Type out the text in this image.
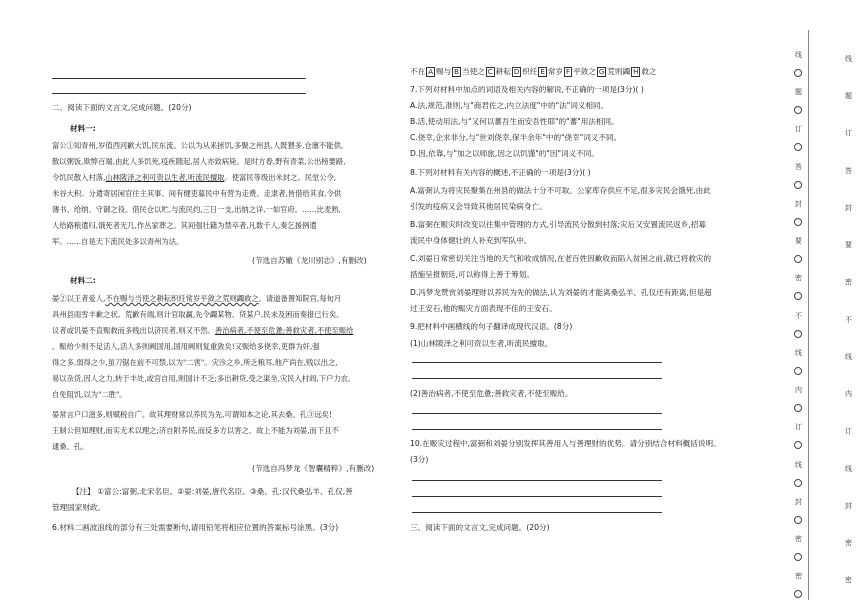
二、阅读下面的文言文,完成问题。(20分)
材料一:
富公①知青州,岁值西河歉大饥,民东流。公以为从来拯饥,多聚之州县,人既猥多,仓廪不能供,
散以粥饭,欺弊百端,由此人多饥死,疫疾随起,居人亦致病毙。是时方春,野有青菜,公出榜要路,
令饥民散入村落,山林陂泽之利可资以生者,听流民擅取。使富民等级出米封之。民堂公令,
米谷大积。分遣寄居闲官往主其事。间有健吏募民中有营为走费、走隶者,皆借给其食,令供
薄书、给纳、守御之役。借民仓以贮,与流民约,三日一支,出纳之详,一如官府。……比麦熟,
人给路粮遣归,饿死者无几,作丛家葬之。其间强壮籍为禁卒者,凡数千人,奏乞援例遣
军。……自是天下流民处多以青州为法。
(节选自苏辙《龙川别志》,有删改)
材料二:
晏②以王者爱人,不在赐与当使之耕耘织纴常岁平敛之荒则蠲救之。请道备置知院官,每旬月
具州县雨雪丰歉之状。荒歉有端,则计官取赢,先令蠲某物、贷某户,民未及困而奏报已行矣。
议者或讥晏不直赈救而多贱出以济民者,则又不然。善治病者,不使至危惫;善救灾者,不使至赈给
。赈给少则不足活人,活人多则阙国用,国用阙则复重敛矣!又赈给多侥幸,吏群为奸,强
得之多,弱得之少,虽刀锯在前不可禁,以为"二害"。灾沴之乡,所乏粮耳,他产尚在,贱以出之,
易以杂货,因人之力,转于丰处,或官自用,则国计不乏;多出耕贷,受之渠坐,灾民入村闾,下户力农,
自免阻饥,以为"二胜"。
晏常言户口滋多,则赋税自广。故其理财常以养民为先,可谓知本之论,其去桑、孔③远矣!
王制公但知理财,而实无术以理之;济自附养民,而反多方以害之。故上不能为刘晏,而下且不
逮桑、孔。
(节选自冯梦龙《智囊精粹》,有删改)
【注】 ①富公:富弼,北宋名臣。②晏:刘晏,唐代名臣。③桑、孔:汉代桑弘羊、孔仅,善
管理国家财政。
6.材料二画波浪线的部分有三处需要断句,请用铅笔将相应位置的答案标号涂黑。(3分)
不在 A 赐与 B 当使之 C 耕耘 D 织纴 E 常岁 F 平敛之 G 荒则蠲 H 救之
7.下列对材料中加点的词语及相关内容的解说,不正确的一项是(3分)( )
A.法,规范,准则,与"商君佐之,内立法度"中的"法"词义相同。
B.活,使动用法,与"又何以蕃吾生而安吾性耶"的"蕃"用法相同。
C.侥幸,企求非分,与"世刘侥幸,保半余年"中的"侥幸"词义不同。
D.因,依靠,与"加之以师旅,因之以饥馑"的"因"词义不同。
8.下列对材料有关内容的概述,不正确的一项是(3分)( )
A.富弼认为将灾民聚集在州县的做法十分不可取。公家库存供应不足,很多灾民会饿死,由此
引发的疫病又会导致其他居民染病身亡。
B.富弼在赈灾时改变以往集中管理的方式,引导流民分散到村落;灾后又安置流民返乡,招募
流民中身体健壮的人补充到军队中。
C.刘晏日常密切关注当地的天气和收成情况,在老百姓因歉收而陷入贫困之前,就已将救灾的
措施呈报朝廷,可以称得上善于筹划。
D.冯梦龙赞赏刘晏理财以养民为先的做法,认为刘晏的才能离桑弘羊、孔仅还有距离,但是超
过王安石,他的赈灾方面表现不佳的王安石。
9.把材料中画横线的句子翻译成现代汉语。(8分)
(1)山林陂泽之利可资以生者,听流民擅取。
(2)善治病者,不使至危惫;善救灾者,不使至赈给。
10.在赈灾过程中,富弼和刘晏分别发挥其善用人与善理财的优势。请分别结合材料概括说明。
(3分)
三、阅读下面的文言文,完成问题。(20分)
线	线
题	题
订	订
答	答
封	封
要	要
密	密
不	不
线	线
内	内
订	订
线	线
封	封
密	密
密	密
